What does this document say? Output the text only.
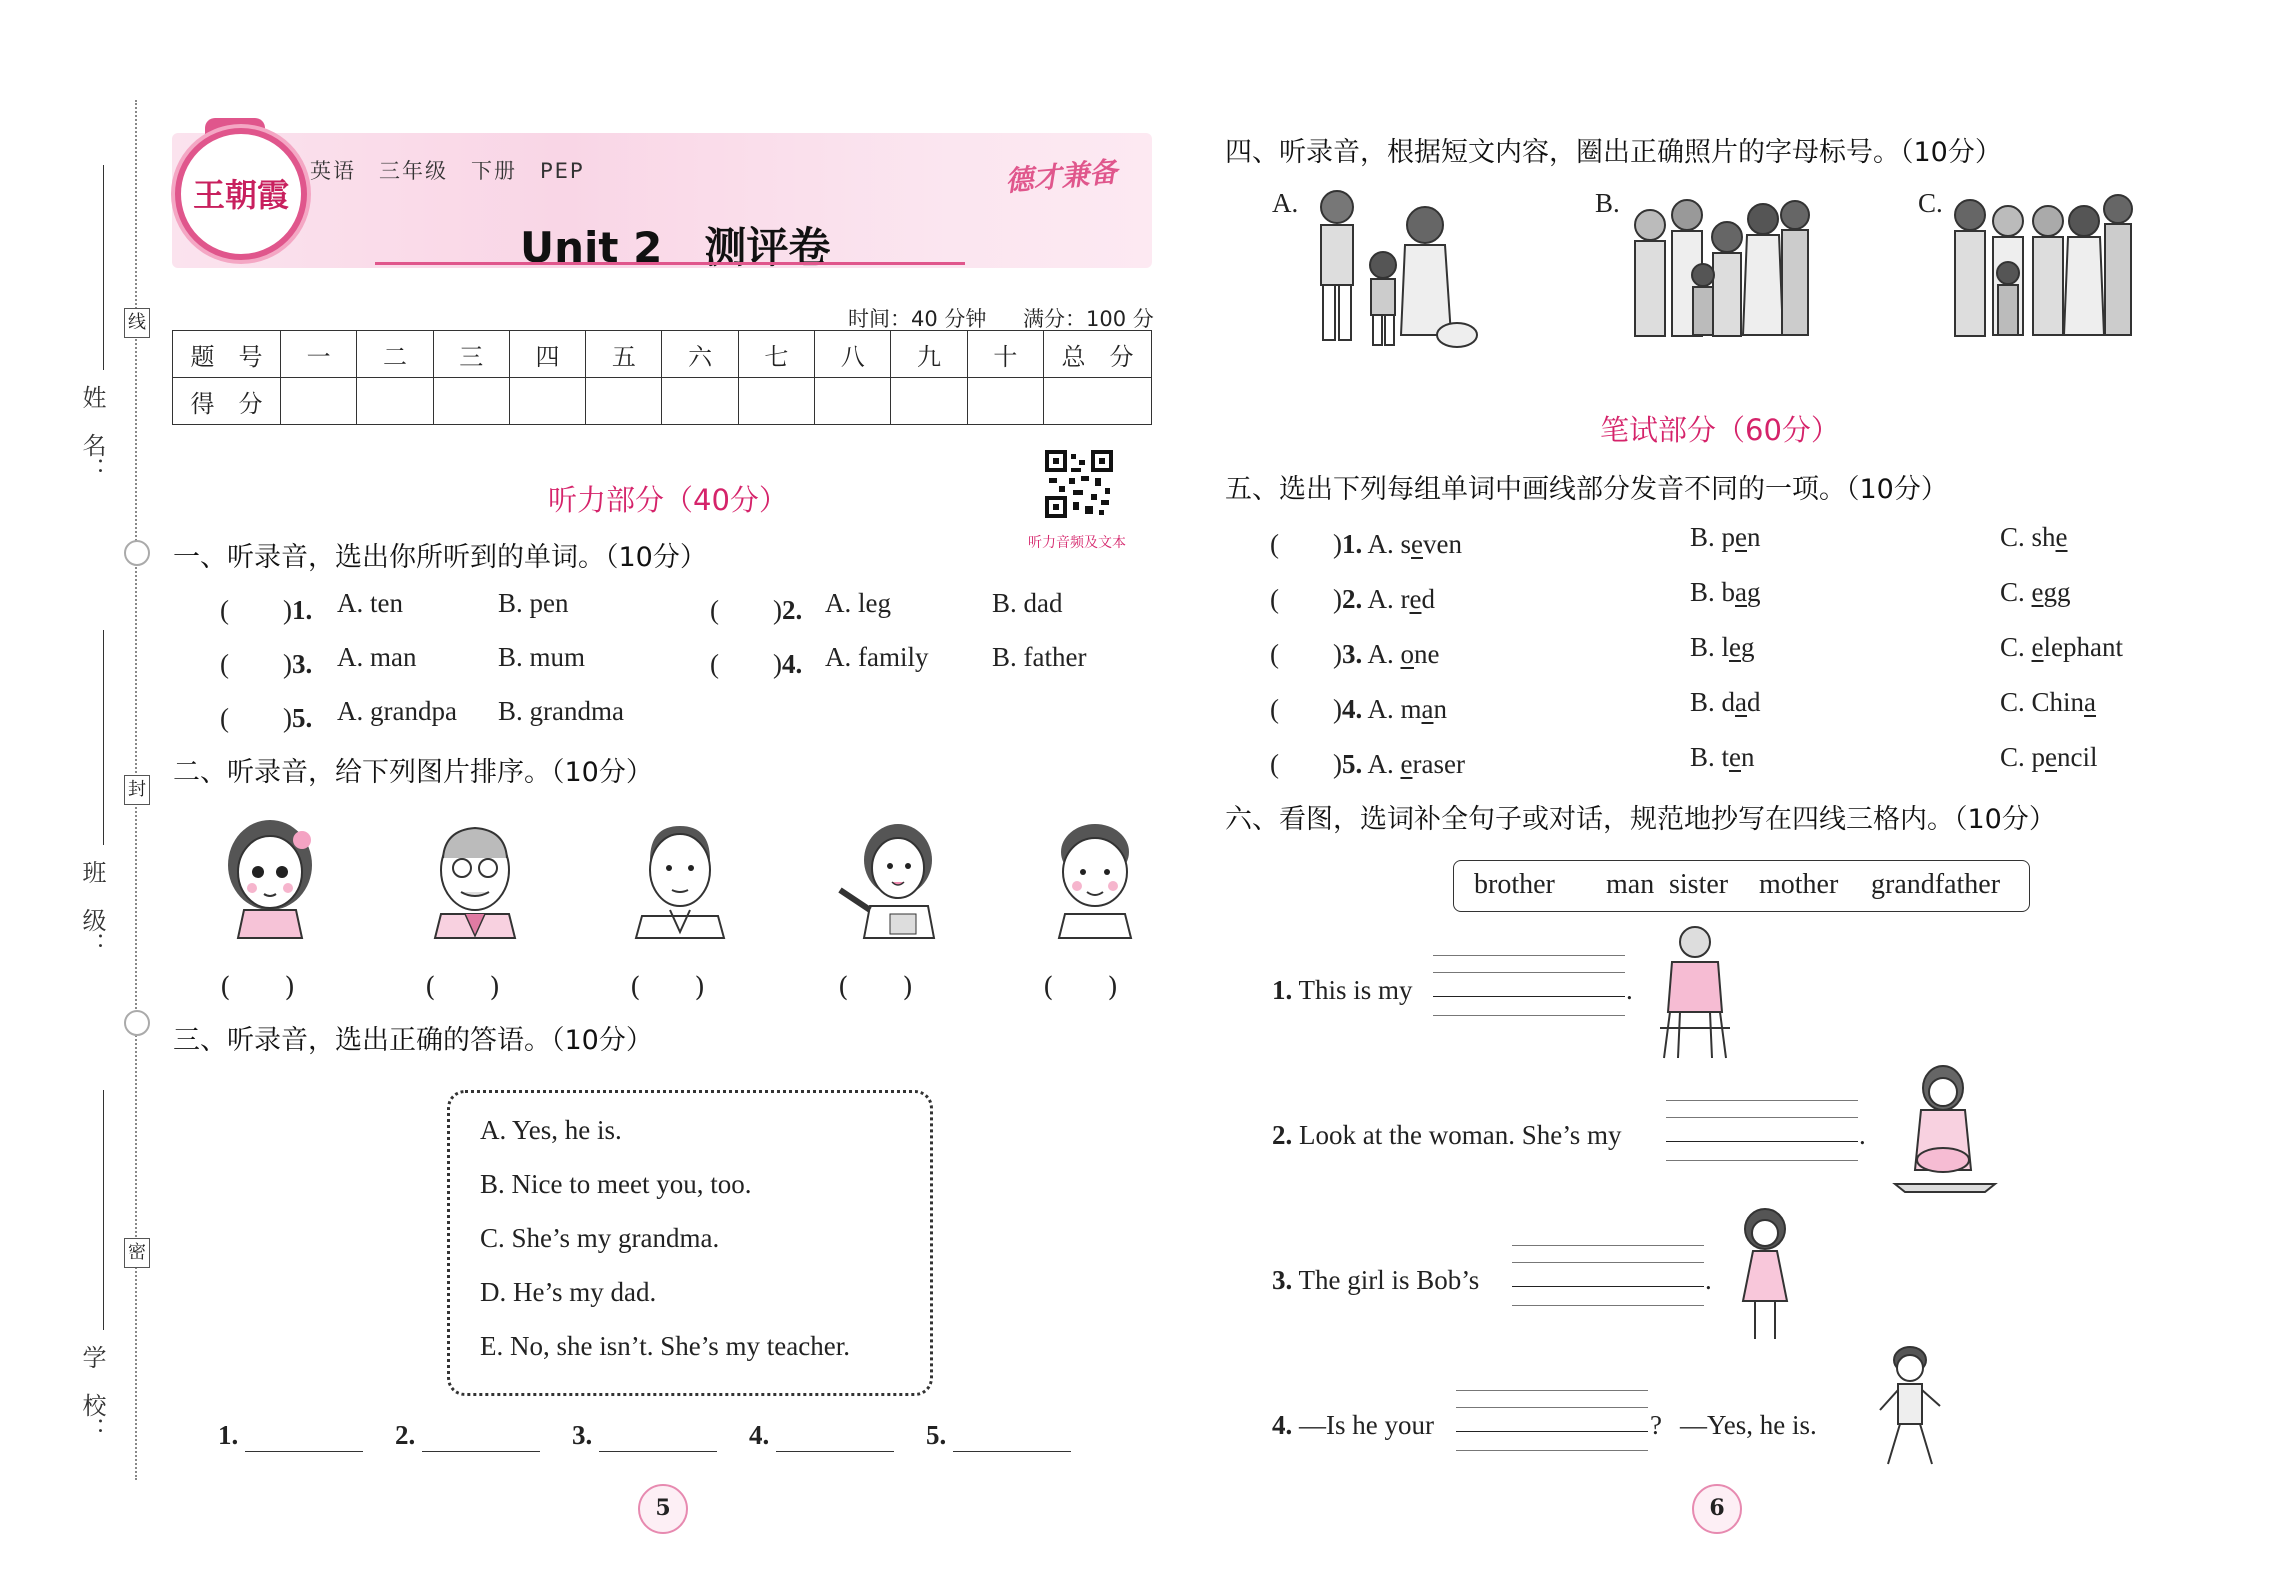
姓　名：
线
班　级：
封
学　校：
密
王朝霞
英语　三年级　下册　PEP	德才兼备
Unit 2　测评卷
时间：40 分钟 满分：100 分
题　号	一	二	三	四	五	六	七	八	九	十	总　分
得　分											
听力音频及文本
听力部分（40分）
一、听录音，选出你所听到的单词。（10分）
(　　)1. A. ten	B. pen	(　　)2. A. leg	B. dad
(　　)3. A. man	B. mum	(　　)4. A. family B. father
(　　)5. A. grandpa B. grandma
二、听录音，给下列图片排序。（10分）
(　　)	(　　)	(　　)	(　　)	(　　)
三、听录音，选出正确的答语。（10分）
A. Yes, he is.
B. Nice to meet you, too.
C. She’s my grandma.
D. He’s my dad.
E. No, she isn’t. She’s my teacher.
1.	2.	3.	4.	5.
5
四、听录音，根据短文内容，圈出正确照片的字母标号。（10分）
A.	B.	C.
笔试部分（60分）
五、选出下列每组单词中画线部分发音不同的一项。（10分）
(　　)1. A. seven	B. pen	C. she
(　　)2. A. red	B. bag	C. egg
(　　)3. A. one	B. leg	C. elephant
(　　)4. A. man	B. dad	C. China
(　　)5. A. eraser	B. ten	C. pencil
六、看图，选词补全句子或对话，规范地抄写在四线三格内。（10分）
brother man sister mother grandfather
1. This is my	.
2. Look at the woman. She’s my	.
3. The girl is Bob’s	.
4. —Is he your	? —Yes, he is.
6
